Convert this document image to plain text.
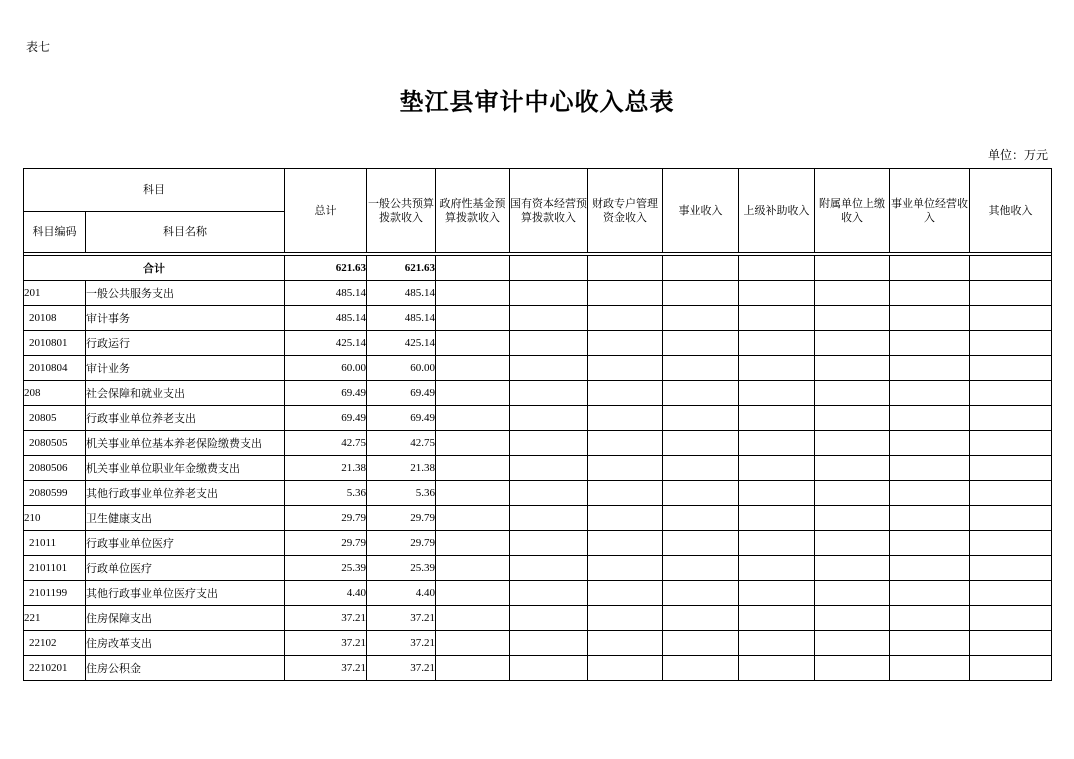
表七
垫江县审计中心收入总表
单位：万元
科目		总计	一般公共预算拨款收入	政府性基金预算拨款收入	国有资本经营预算拨款收入	财政专户管理资金收入	事业收入	上级补助收入	附属单位上缴收入	事业单位经营收入	其他收入
科目编码	科目名称										

合计		621.63	621.63								
201	一般公共服务支出	485.14	485.14								
20108	审计事务	485.14	485.14								
2010801	行政运行	425.14	425.14								
2010804	审计业务	60.00	60.00								
208	社会保障和就业支出	69.49	69.49								
20805	行政事业单位养老支出	69.49	69.49								
2080505	机关事业单位基本养老保险缴费支出	42.75	42.75								
2080506	机关事业单位职业年金缴费支出	21.38	21.38								
2080599	其他行政事业单位养老支出	5.36	5.36								
210	卫生健康支出	29.79	29.79								
21011	行政事业单位医疗	29.79	29.79								
2101101	行政单位医疗	25.39	25.39								
2101199	其他行政事业单位医疗支出	4.40	4.40								
221	住房保障支出	37.21	37.21								
22102	住房改革支出	37.21	37.21								
2210201	住房公积金	37.21	37.21								
